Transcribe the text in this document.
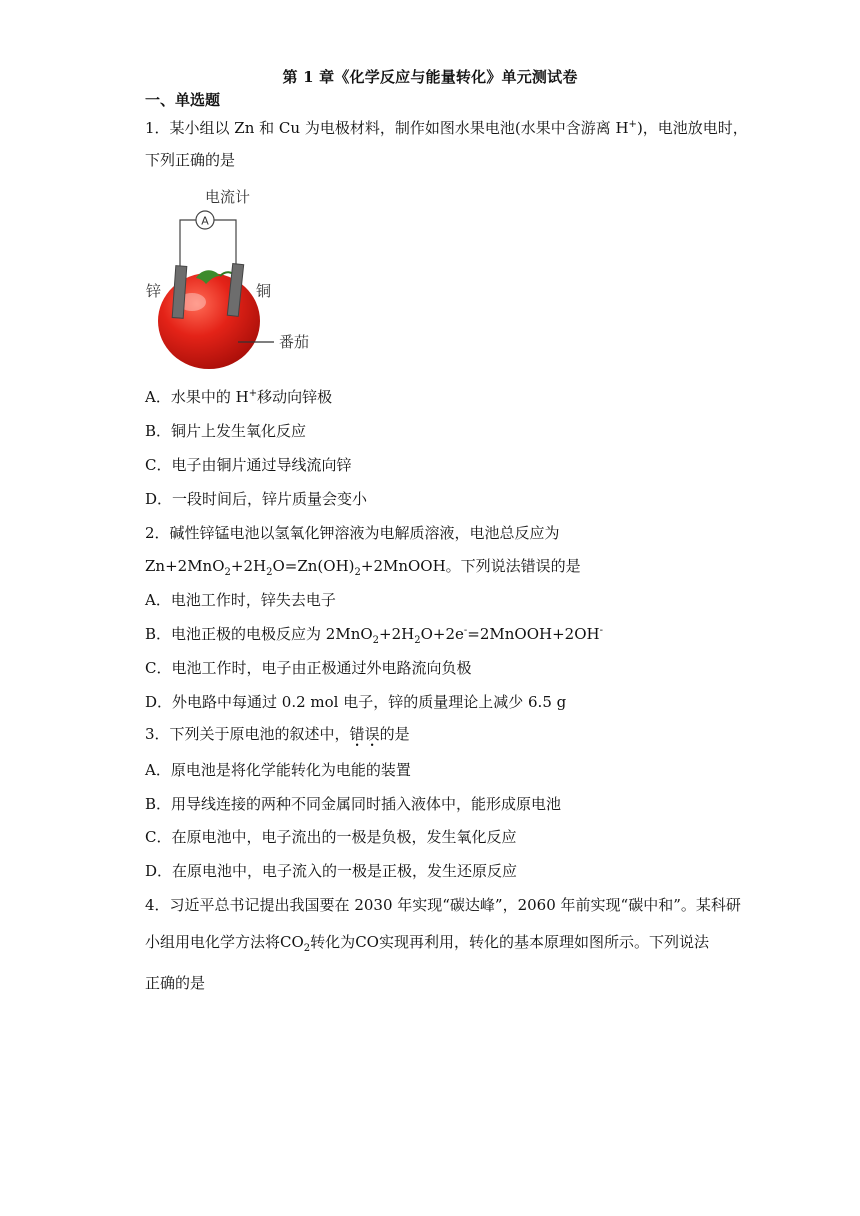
第 1 章《化学反应与能量转化》单元测试卷
一、单选题
1．某小组以 Zn 和 Cu 为电极材料，制作如图水果电池(水果中含游离 H+)，电池放电时，
下列正确的是
电流计
A
锌	铜
番茄
A．水果中的 H+移动向锌极
B．铜片上发生氧化反应
C．电子由铜片通过导线流向锌
D．一段时间后，锌片质量会变小
2．碱性锌锰电池以氢氧化钾溶液为电解质溶液，电池总反应为
$Zn+2MnO_2+2H_2O=Zn(OH)_2+2MnOOH$。下列说法错误的是
A．电池工作时，锌失去电子
B．电池正极的电极反应为 $2MnO_2+2H_2O+2e^-=2MnOOH+2OH^-$
C．电池工作时，电子由正极通过外电路流向负极
D．外电路中每通过 0.2 mol 电子，锌的质量理论上减少 6.5 g
3．下列关于原电池的叙述中，错
•
误
•
的是
A．原电池是将化学能转化为电能的装置
B．用导线连接的两种不同金属同时插入液体中，能形成原电池
C．在原电池中，电子流出的一极是负极，发生氧化反应
D．在原电池中，电子流入的一极是正极，发生还原反应
4．习近平总书记提出我国要在 2030 年实现“碳达峰”，2060 年前实现“碳中和”。某科研
小组用电化学方法将$CO_2$转化为CO实现再利用，转化的基本原理如图所示。下列说法
正确的是
